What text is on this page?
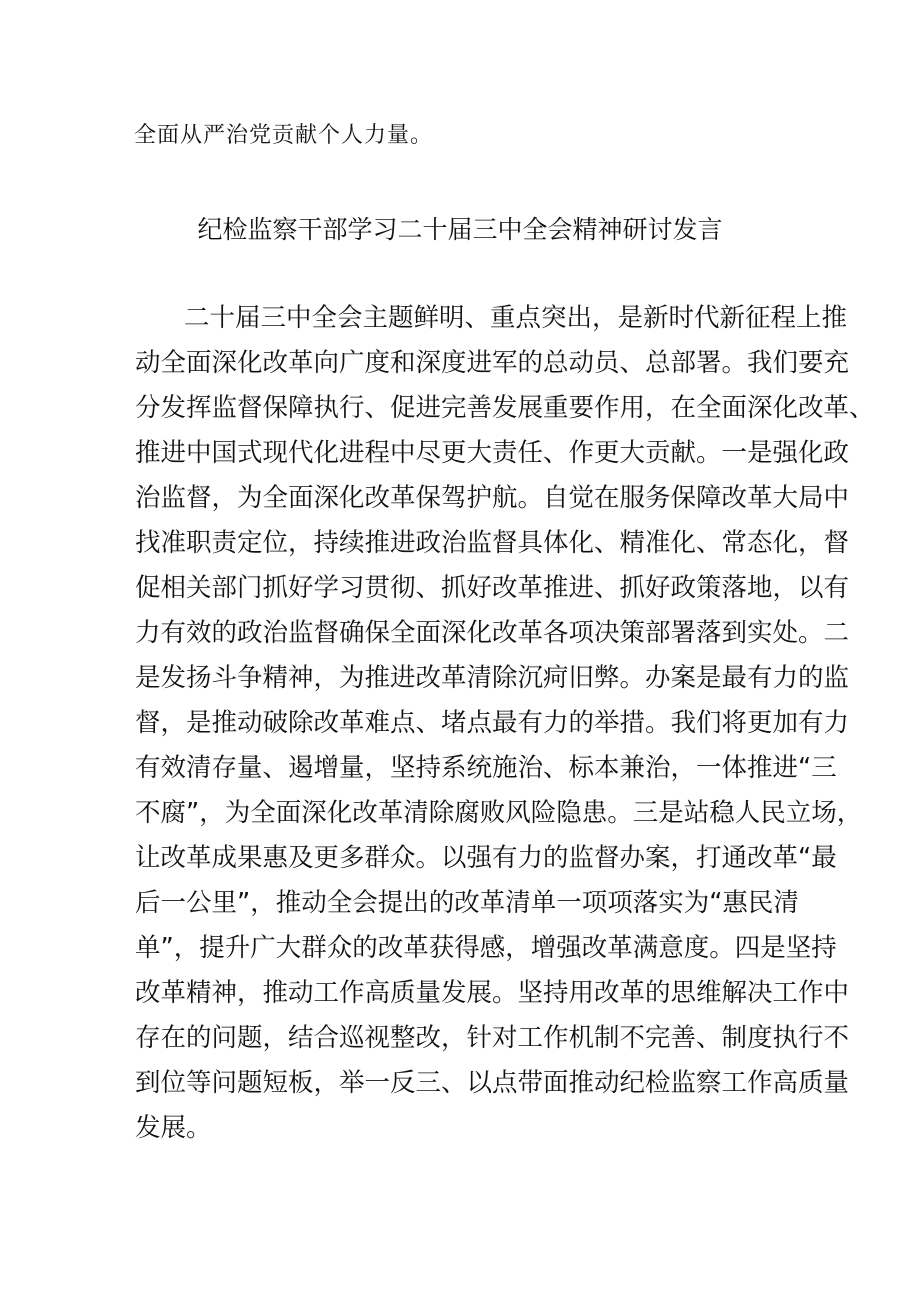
全面从严治党贡献个人力量。
纪检监察干部学习二十届三中全会精神研讨发言
二十届三中全会主题鲜明、重点突出，是新时代新征程上推
动全面深化改革向广度和深度进军的总动员、总部署。我们要充
分发挥监督保障执行、促进完善发展重要作用，在全面深化改革、
推进中国式现代化进程中尽更大责任、作更大贡献。一是强化政
治监督，为全面深化改革保驾护航。自觉在服务保障改革大局中
找准职责定位，持续推进政治监督具体化、精准化、常态化，督
促相关部门抓好学习贯彻、抓好改革推进、抓好政策落地，以有
力有效的政治监督确保全面深化改革各项决策部署落到实处。二
是发扬斗争精神，为推进改革清除沉疴旧弊。办案是最有力的监
督，是推动破除改革难点、堵点最有力的举措。我们将更加有力
有效清存量、遏增量，坚持系统施治、标本兼治，一体推进“三
不腐”，为全面深化改革清除腐败风险隐患。三是站稳人民立场，
让改革成果惠及更多群众。以强有力的监督办案，打通改革“最
后一公里”，推动全会提出的改革清单一项项落实为“惠民清
单”，提升广大群众的改革获得感，增强改革满意度。四是坚持
改革精神，推动工作高质量发展。坚持用改革的思维解决工作中
存在的问题，结合巡视整改，针对工作机制不完善、制度执行不
到位等问题短板，举一反三、以点带面推动纪检监察工作高质量
发展。
